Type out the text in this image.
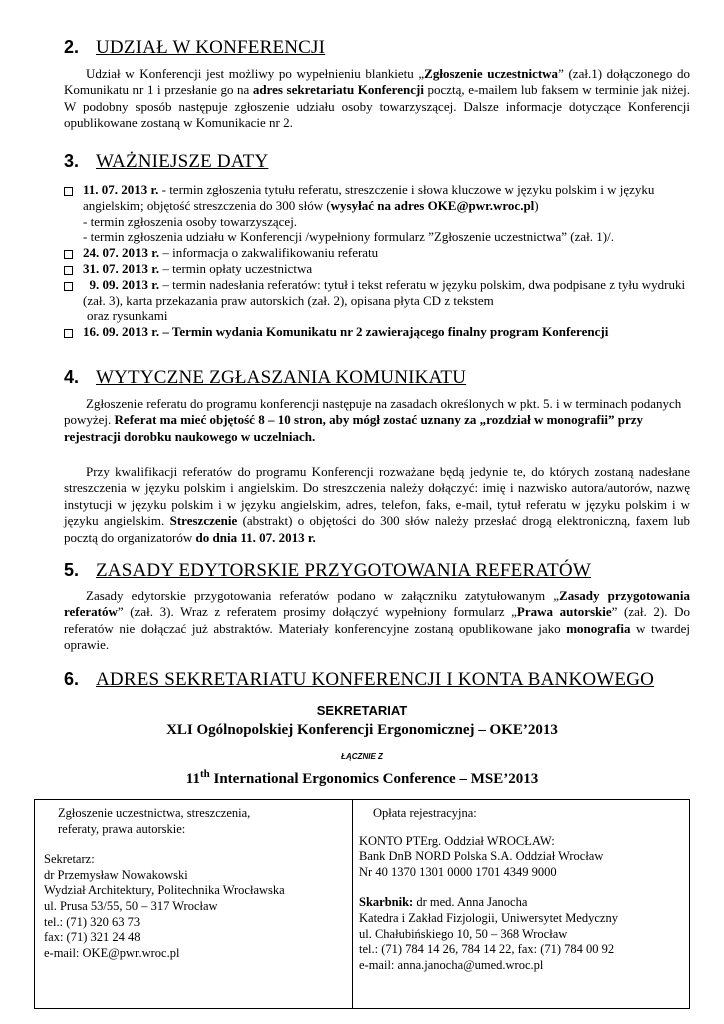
2. UDZIAŁ W KONFERENCJI
Udział w Konferencji jest możliwy po wypełnieniu blankietu „Zgłoszenie uczestnictwa” (zał.1) dołączonego do Komunikatu nr 1 i przesłanie go na adres sekretariatu Konferencji pocztą, e-mailem lub faksem w terminie jak niżej. W podobny sposób następuje zgłoszenie udziału osoby towarzyszącej. Dalsze informacje dotyczące Konferencji opublikowane zostaną w Komunikacie nr 2.
3. WAŻNIEJSZE DATY
11. 07. 2013 r. - termin zgłoszenia tytułu referatu, streszczenie i słowa kluczowe w języku polskim i w języku angielskim; objętość streszczenia do 300 słów (wysyłać na adres OKE@pwr.wroc.pl)
- termin zgłoszenia osoby towarzyszącej.
- termin zgłoszenia udziału w Konferencji /wypełniony formularz ”Zgłoszenie uczestnictwa” (zał. 1)/.
24. 07. 2013 r. – informacja o zakwalifikowaniu referatu
31. 07. 2013 r. – termin opłaty uczestnictwa
9. 09. 2013 r. – termin nadesłania referatów: tytuł i tekst referatu w języku polskim, dwa podpisane z tyłu wydruki (zał. 3), karta przekazania praw autorskich (zał. 2), opisana płyta CD z tekstem
oraz rysunkami
16. 09. 2013 r. – Termin wydania Komunikatu nr 2 zawierającego finalny program Konferencji
4. WYTYCZNE ZGŁASZANIA KOMUNIKATU
Zgłoszenie referatu do programu konferencji następuje na zasadach określonych w pkt. 5. i w terminach podanych powyżej. Referat ma mieć objętość 8 – 10 stron, aby mógł zostać uznany za „rozdział w monografii” przy rejestracji dorobku naukowego w uczelniach.
Przy kwalifikacji referatów do programu Konferencji rozważane będą jedynie te, do których zostaną nadesłane streszczenia w języku polskim i angielskim. Do streszczenia należy dołączyć: imię i nazwisko autora/autorów, nazwę instytucji w języku polskim i w języku angielskim, adres, telefon, faks, e-mail, tytuł referatu w języku polskim i w języku angielskim. Streszczenie (abstrakt) o objętości do 300 słów należy przesłać drogą elektroniczną, faxem lub pocztą do organizatorów do dnia 11. 07. 2013 r.
5. ZASADY EDYTORSKIE PRZYGOTOWANIA REFERATÓW
Zasady edytorskie przygotowania referatów podano w załączniku zatytułowanym „Zasady przygotowania referatów” (zał. 3). Wraz z referatem prosimy dołączyć wypełniony formularz „Prawa autorskie” (zał. 2). Do referatów nie dołączać już abstraktów. Materiały konferencyjne zostaną opublikowane jako monografia w twardej oprawie.
6. ADRES SEKRETARIATU KONFERENCJI I KONTA BANKOWEGO
SEKRETARIAT
XLI Ogólnopolskiej Konferencji Ergonomicznej – OKE’2013
ŁĄCZNIE Z
11th International Ergonomics Conference – MSE’2013
Zgłoszenie uczestnictwa, streszczenia,
referaty, prawa autorskie:
Sekretarz:
dr Przemysław Nowakowski
Wydział Architektury, Politechnika Wrocławska
ul. Prusa 53/55, 50 – 317 Wrocław
tel.: (71) 320 63 73
fax: (71) 321 24 48
e-mail: OKE@pwr.wroc.pl
Opłata rejestracyjna:
KONTO PTErg. Oddział WROCŁAW:
Bank DnB NORD Polska S.A. Oddział Wrocław
Nr 40 1370 1301 0000 1701 4349 9000
Skarbnik: dr med. Anna Janocha
Katedra i Zakład Fizjologii, Uniwersytet Medyczny
ul. Chałubińskiego 10, 50 – 368 Wrocław
tel.: (71) 784 14 26, 784 14 22, fax: (71) 784 00 92
e-mail: anna.janocha@umed.wroc.pl
